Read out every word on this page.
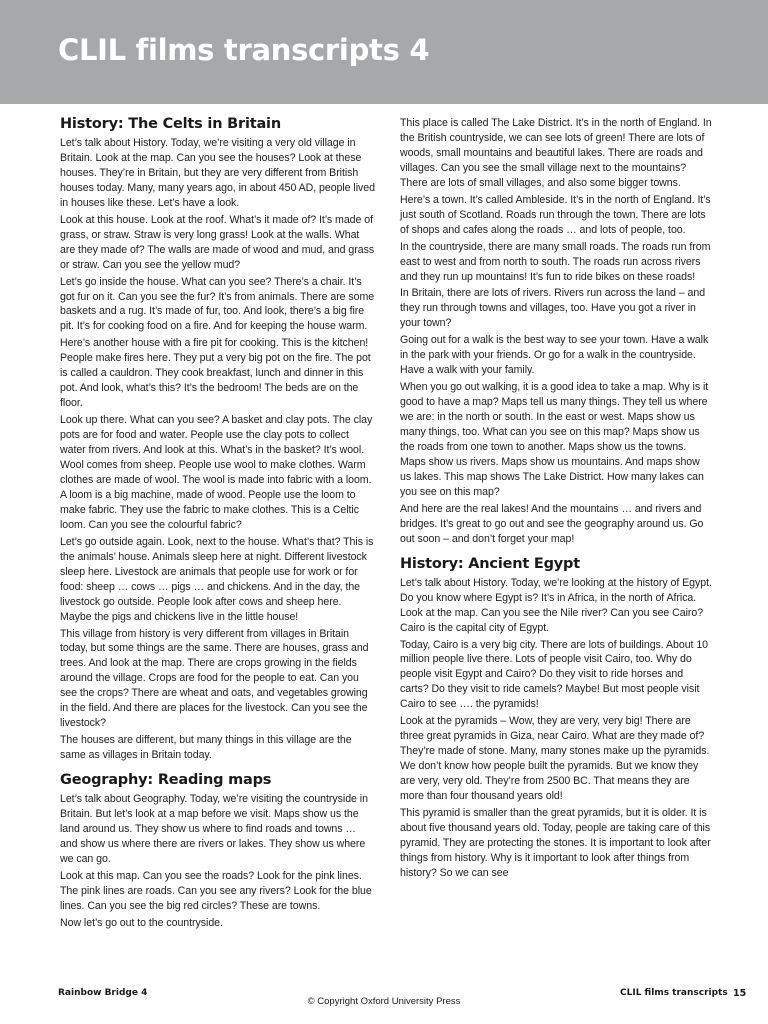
CLIL films transcripts 4
History: The Celts in Britain

Let’s talk about History. Today, we’re visiting a very old village in Britain. Look at the map. Can you see the houses? Look at these houses. They’re in Britain, but they are very different from British houses today. Many, many years ago, in about 450 AD, people lived in houses like these. Let’s have a look.

Look at this house. Look at the roof. What’s it made of? It’s made of grass, or straw. Straw is very long grass! Look at the walls. What are they made of? The walls are made of wood and mud, and grass or straw. Can you see the yellow mud?

Let’s go inside the house. What can you see? There’s a chair. It’s got fur on it. Can you see the fur? It’s from animals. There are some baskets and a rug. It’s made of fur, too. And look, there’s a big fire pit. It’s for cooking food on a fire. And for keeping the house warm.

Here’s another house with a fire pit for cooking. This is the kitchen! People make fires here. They put a very big pot on the fire. The pot is called a cauldron. They cook breakfast, lunch and dinner in this pot. And look, what’s this? It’s the bedroom! The beds are on the floor.

Look up there. What can you see? A basket and clay pots. The clay pots are for food and water. People use the clay pots to collect water from rivers. And look at this. What’s in the basket? It’s wool. Wool comes from sheep. People use wool to make clothes. Warm clothes are made of wool. The wool is made into fabric with a loom. A loom is a big machine, made of wood. People use the loom to make fabric. They use the fabric to make clothes. This is a Celtic loom. Can you see the colourful fabric?

Let’s go outside again. Look, next to the house. What’s that? This is the animals’ house. Animals sleep here at night. Different livestock sleep here. Livestock are animals that people use for work or for food: sheep … cows … pigs … and chickens. And in the day, the livestock go outside. People look after cows and sheep here. Maybe the pigs and chickens live in the little house!

This village from history is very different from villages in Britain today, but some things are the same. There are houses, grass and trees. And look at the map. There are crops growing in the fields around the village. Crops are food for the people to eat. Can you see the crops? There are wheat and oats, and vegetables growing in the field. And there are places for the livestock. Can you see the livestock?

The houses are different, but many things in this village are the same as villages in Britain today.

Geography: Reading maps

Let’s talk about Geography. Today, we’re visiting the countryside in Britain. But let’s look at a map before we visit. Maps show us the land around us. They show us where to find roads and towns … and show us where there are rivers or lakes. They show us where we can go.

Look at this map. Can you see the roads? Look for the pink lines. The pink lines are roads. Can you see any rivers? Look for the blue lines. Can you see the big red circles? These are towns.

Now let’s go out to the countryside.

This place is called The Lake District. It’s in the north of England. In the British countryside, we can see lots of green! There are lots of woods, small mountains and beautiful lakes. There are roads and villages. Can you see the small village next to the mountains? There are lots of small villages, and also some bigger towns.

Here’s a town. It’s called Ambleside. It’s in the north of England. It’s just south of Scotland. Roads run through the town. There are lots of shops and cafes along the roads … and lots of people, too.

In the countryside, there are many small roads. The roads run from east to west and from north to south. The roads run across rivers and they run up mountains! It’s fun to ride bikes on these roads!

In Britain, there are lots of rivers. Rivers run across the land – and they run through towns and villages, too. Have you got a river in your town?

Going out for a walk is the best way to see your town. Have a walk in the park with your friends. Or go for a walk in the countryside. Have a walk with your family.

When you go out walking, it is a good idea to take a map. Why is it good to have a map? Maps tell us many things. They tell us where we are: in the north or south. In the east or west. Maps show us many things, too. What can you see on this map? Maps show us the roads from one town to another. Maps show us the towns. Maps show us rivers. Maps show us mountains. And maps show us lakes. This map shows The Lake District. How many lakes can you see on this map?

And here are the real lakes! And the mountains … and rivers and bridges. It’s great to go out and see the geography around us. Go out soon – and don’t forget your map!

History: Ancient Egypt

Let’s talk about History. Today, we’re looking at the history of Egypt. Do you know where Egypt is? It’s in Africa, in the north of Africa. Look at the map. Can you see the Nile river? Can you see Cairo? Cairo is the capital city of Egypt.

Today, Cairo is a very big city. There are lots of buildings. About 10 million people live there. Lots of people visit Cairo, too. Why do people visit Egypt and Cairo? Do they visit to ride horses and carts? Do they visit to ride camels? Maybe! But most people visit Cairo to see …. the pyramids!

Look at the pyramids – Wow, they are very, very big! There are three great pyramids in Giza, near Cairo. What are they made of? They’re made of stone. Many, many stones make up the pyramids. We don’t know how people built the pyramids. But we know they are very, very old. They’re from 2500 BC. That means they are more than four thousand years old!

This pyramid is smaller than the great pyramids, but it is older. It is about five thousand years old. Today, people are taking care of this pyramid. They are protecting the stones. It is important to look after things from history. Why is it important to look after things from history? So we can see

Rainbow Bridge 4
© Copyright Oxford University Press
CLIL films transcripts 15
